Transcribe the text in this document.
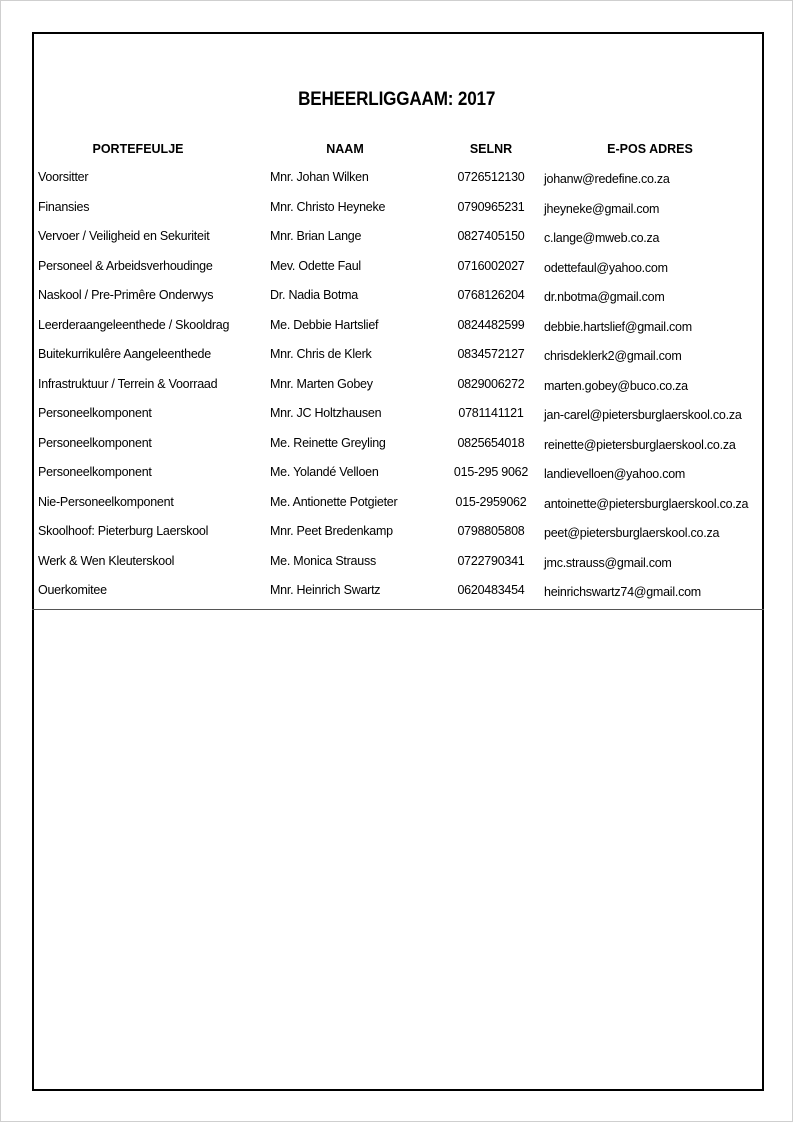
BEHEERLIGGAAM: 2017
PORTEFEULJE	NAAM	SELNR	E-POS ADRES
Voorsitter	Mnr. Johan Wilken	0726512130	johanw@redefine.co.za
Finansies	Mnr. Christo Heyneke	0790965231	jheyneke@gmail.com
Vervoer / Veiligheid en Sekuriteit	Mnr. Brian Lange	0827405150	c.lange@mweb.co.za
Personeel & Arbeidsverhoudinge	Mev. Odette Faul	0716002027	odettefaul@yahoo.com
Naskool / Pre-Primêre Onderwys	Dr. Nadia Botma	0768126204	dr.nbotma@gmail.com
Leerderaangeleenthede / Skooldrag	Me. Debbie Hartslief	0824482599	debbie.hartslief@gmail.com
Buitekurrikulêre Aangeleenthede	Mnr. Chris de Klerk	0834572127	chrisdeklerk2@gmail.com
Infrastruktuur / Terrein & Voorraad	Mnr. Marten Gobey	0829006272	marten.gobey@buco.co.za
Personeelkomponent	Mnr. JC Holtzhausen	0781141121	jan-carel@pietersburglaerskool.co.za
Personeelkomponent	Me. Reinette Greyling	0825654018	reinette@pietersburglaerskool.co.za
Personeelkomponent	Me. Yolandé Velloen	015-295 9062	landievelloen@yahoo.com
Nie-Personeelkomponent	Me. Antionette Potgieter	015-2959062	antoinette@pietersburglaerskool.co.za
Skoolhoof: Pieterburg Laerskool	Mnr. Peet Bredenkamp	0798805808	peet@pietersburglaerskool.co.za
Werk & Wen Kleuterskool	Me. Monica Strauss	0722790341	jmc.strauss@gmail.com
Ouerkomitee	Mnr. Heinrich Swartz	0620483454	heinrichswartz74@gmail.com
